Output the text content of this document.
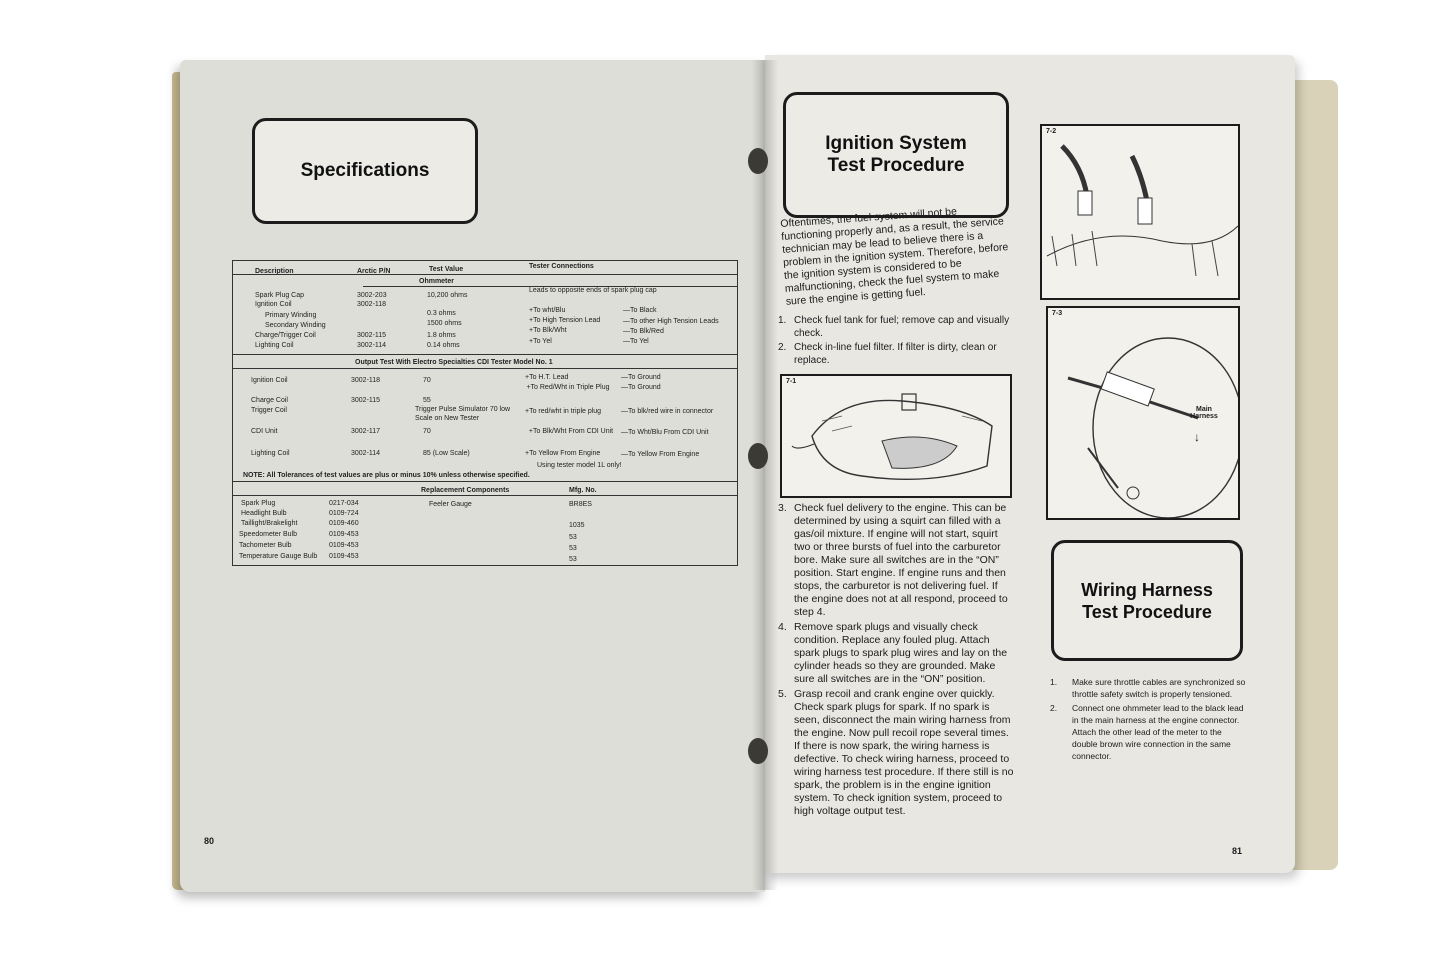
Specifications
Description	Arctic P/N	Test Value	Tester Connections
Ohmmeter
Spark Plug Cap	3002-203	10,200 ohms
Leads to opposite ends of spark plug cap
Ignition Coil	3002-118
Primary Winding	0.3 ohms	+To wht/Blu	—To Black
Secondary Winding	1500 ohms	+To High Tension Lead	—To other High Tension Leads
Charge/Trigger Coil	3002-115	1.8 ohms
+To Blk/Wht	—To Blk/Red
Lighting Coil	3002-114	0.14 ohms
+To Yel	—To Yel
Output Test With Electro Specialties CDI Tester Model No. 1
Ignition Coil	3002-118	70	+To H.T. Lead	—To Ground
+To Red/Wht in Triple Plug —To Ground
Charge Coil	3002-115	55
Trigger Coil	Trigger Pulse Simulator 70 low Scale on New Tester
+To red/wht in triple plug	—To blk/red wire in connector
CDI Unit	3002-117	70	+To Blk/Wht From CDI Unit	—To Wht/Blu From CDI Unit
Lighting Coil	3002-114	85 (Low Scale)	+To Yellow From Engine	—To Yellow From Engine
Using tester model 1L only!
NOTE: All Tolerances of test values are plus or minus 10% unless otherwise specified.
Replacement Components	Mfg. No.
Spark Plug	0217-034	Feeler Gauge	BR8ES
Headlight Bulb	0109-724
Taillight/Brakelight	0109-460	1035
Speedometer Bulb	0109-453	53
Tachometer Bulb	0109-453	53
Temperature Gauge Bulb 0109-453	53
80
Ignition System
Test Procedure
Oftentimes, the fuel system will not be functioning properly and, as a result, the service technician may be lead to believe there is a problem in the ignition system. Therefore, before the ignition system is considered to be malfunctioning, check the fuel system to make sure the engine is getting fuel.
1. Check fuel tank for fuel; remove cap and visually check.
2. Check in-line fuel filter. If filter is dirty, clean or replace.
7-1
3. Check fuel delivery to the engine. This can be determined by using a squirt can filled with a gas/oil mixture. If engine will not start, squirt two or three bursts of fuel into the carburetor bore. Make sure all switches are in the “ON” position. Start engine. If engine runs and then stops, the carburetor is not delivering fuel. If the engine does not at all respond, proceed to step 4.
4. Remove spark plugs and visually check condition. Replace any fouled plug. Attach spark plugs to spark plug wires and lay on the cylinder heads so they are grounded. Make sure all switches are in the “ON” position.
5. Grasp recoil and crank engine over quickly. Check spark plugs for spark. If no spark is seen, disconnect the main wiring harness from the engine. Now pull recoil rope several times. If there is now spark, the wiring harness is defective. To check wiring harness, proceed to wiring harness test procedure. If there still is no spark, the problem is in the engine ignition system. To check ignition system, proceed to high voltage output test.
7-2
7-3
Main Harness
↓
Wiring Harness
Test Procedure
1.	Make sure throttle cables are synchronized so throttle safety switch is properly tensioned.
2.	Connect one ohmmeter lead to the black lead in the main harness at the engine connector. Attach the other lead of the meter to the double brown wire connection in the same connector.
81
